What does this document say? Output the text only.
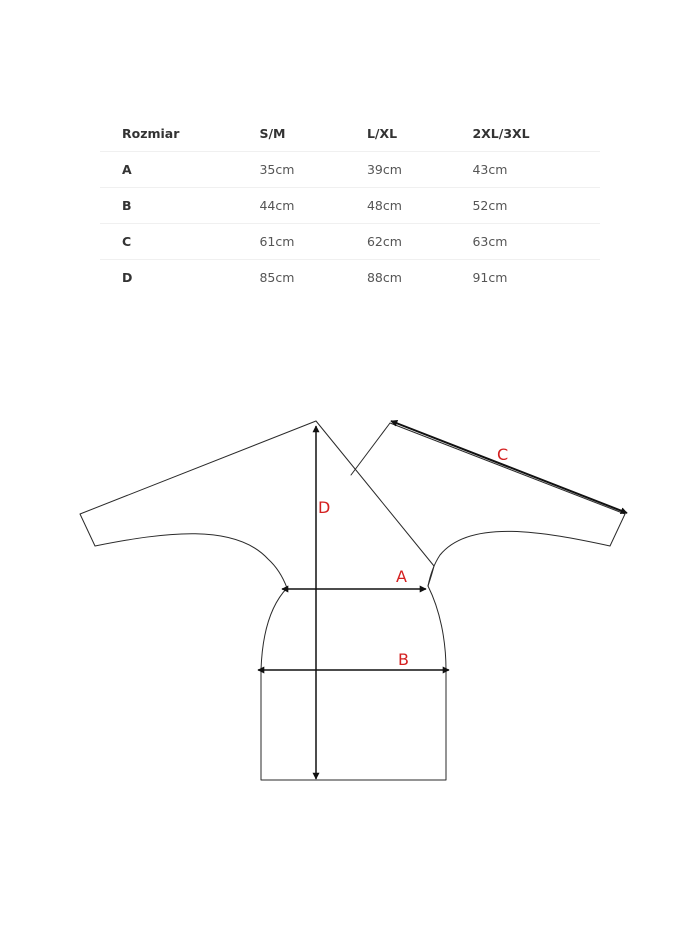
Rozmiar	S/M	L/XL	2XL/3XL
A	35cm	39cm	43cm
B	44cm	48cm	52cm
C	61cm	62cm	63cm
D	85cm	88cm	91cm
D
A
B
C
